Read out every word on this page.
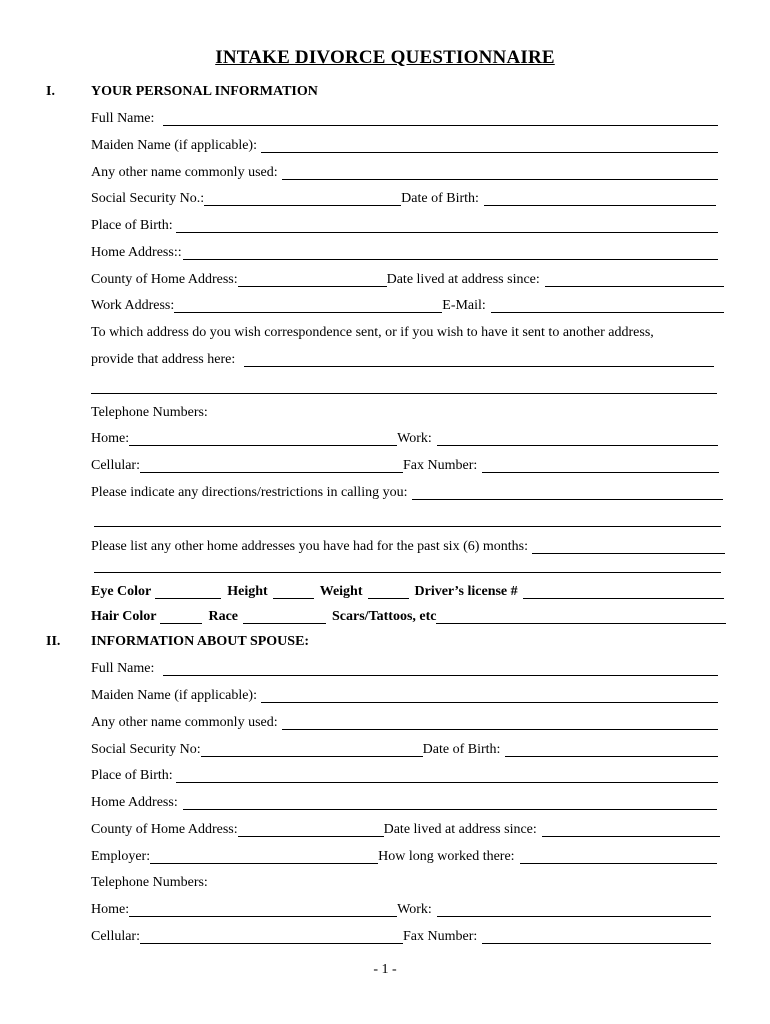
INTAKE DIVORCE QUESTIONNAIRE
I.	YOUR PERSONAL INFORMATION
Full Name:
Maiden Name (if applicable):
Any other name commonly used:
Social Security No.:	Date of Birth:
Place of Birth:
Home Address::
County of Home Address:	Date lived at address since:
Work Address:	E-Mail:
To which address do you wish correspondence sent, or if you wish to have it sent to another address,
provide that address here:
Telephone Numbers:
Home:	Work:
Cellular:	Fax Number:
Please indicate any directions/restrictions in calling you:
Please list any other home addresses you have had for the past six (6) months:
Eye Color	Height	Weight	Driver’s license #
Hair Color	Race	Scars/Tattoos, etc
II. INFORMATION ABOUT SPOUSE:
Full Name:
Maiden Name (if applicable):
Any other name commonly used:
Social Security No:	Date of Birth:
Place of Birth:
Home Address:
County of Home Address:	Date lived at address since:
Employer:	How long worked there:
Telephone Numbers:
Home:	Work:
Cellular:	Fax Number:
- 1 -
